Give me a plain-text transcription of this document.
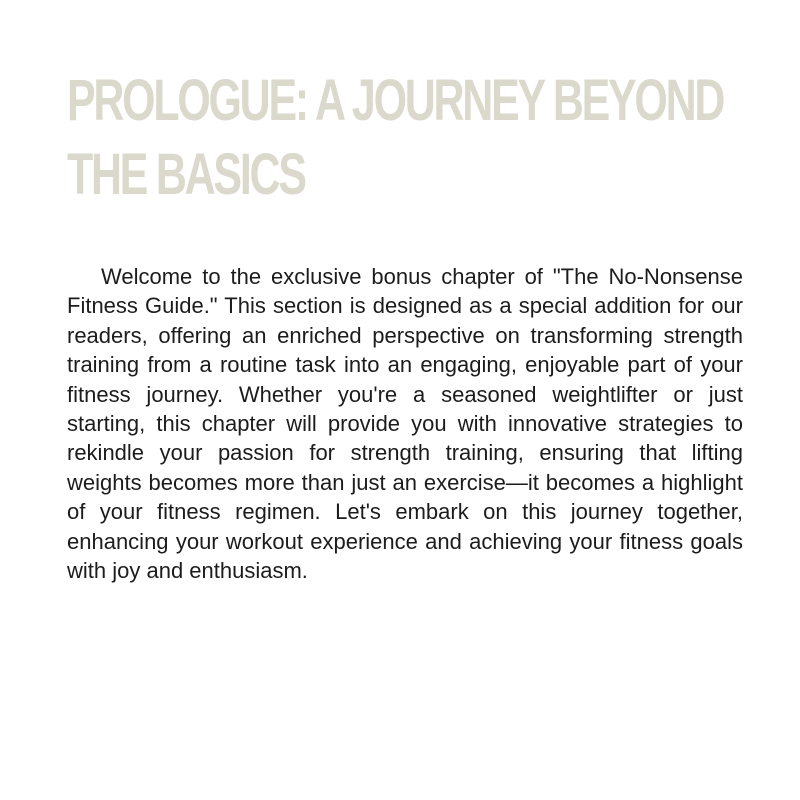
PROLOGUE: A JOURNEY BEYOND THE BASICS

Welcome to the exclusive bonus chapter of "The No-Nonsense Fitness Guide." This section is designed as a special addition for our readers, offering an enriched perspective on transforming strength training from a routine task into an engaging, enjoyable part of your fitness journey. Whether you're a seasoned weightlifter or just starting, this chapter will provide you with innovative strategies to rekindle your passion for strength training, ensuring that lifting weights becomes more than just an exercise—it becomes a highlight of your fitness regimen. Let's embark on this journey together, enhancing your workout experience and achieving your fitness goals with joy and enthusiasm.
